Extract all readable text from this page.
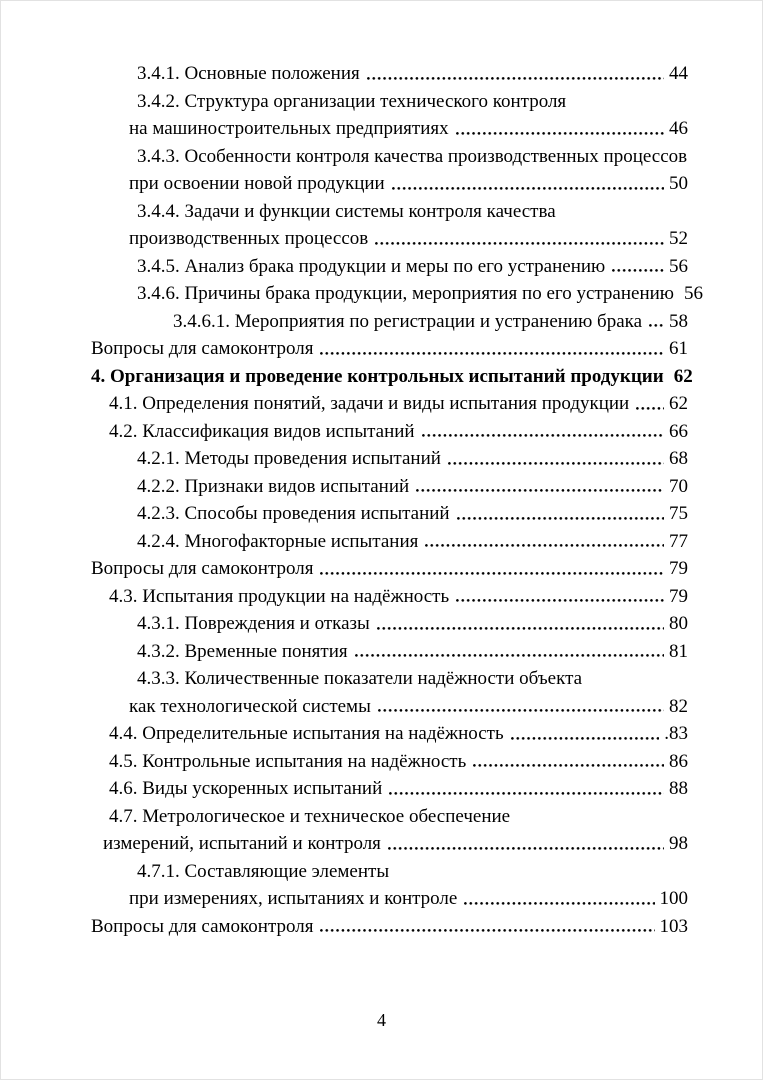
3.4.1. Основные положения	44
3.4.2. Структура организации технического контроля
на машиностроительных предприятиях	46
3.4.3. Особенности контроля качества производственных процессов
при освоении новой продукции	50
3.4.4. Задачи и функции системы контроля качества
производственных процессов	52
3.4.5. Анализ брака продукции и меры по его устранению	56
3.4.6. Причины брака продукции, мероприятия по его устранению 56
3.4.6.1. Мероприятия по регистрации и устранению брака 58
Вопросы для самоконтроля	61
4. Организация и проведение контрольных испытаний продукции 62
4.1. Определения понятий, задачи и виды испытания продукции 62
4.2. Классификация видов испытаний	66
4.2.1. Методы проведения испытаний	68
4.2.2. Признаки видов испытаний	70
4.2.3. Способы проведения испытаний	75
4.2.4. Многофакторные испытания	77
Вопросы для самоконтроля	79
4.3. Испытания продукции на надёжность	79
4.3.1. Повреждения и отказы	80
4.3.2. Временные понятия	81
4.3.3. Количественные показатели надёжности объекта
как технологической системы	82
4.4. Определительные испытания на надёжность	.83
4.5. Контрольные испытания на надёжность	86
4.6. Виды ускоренных испытаний	88
4.7. Метрологическое и техническое обеспечение
измерений, испытаний и контроля	98
4.7.1. Составляющие элементы
при измерениях, испытаниях и контроле	100
Вопросы для самоконтроля	103
4
